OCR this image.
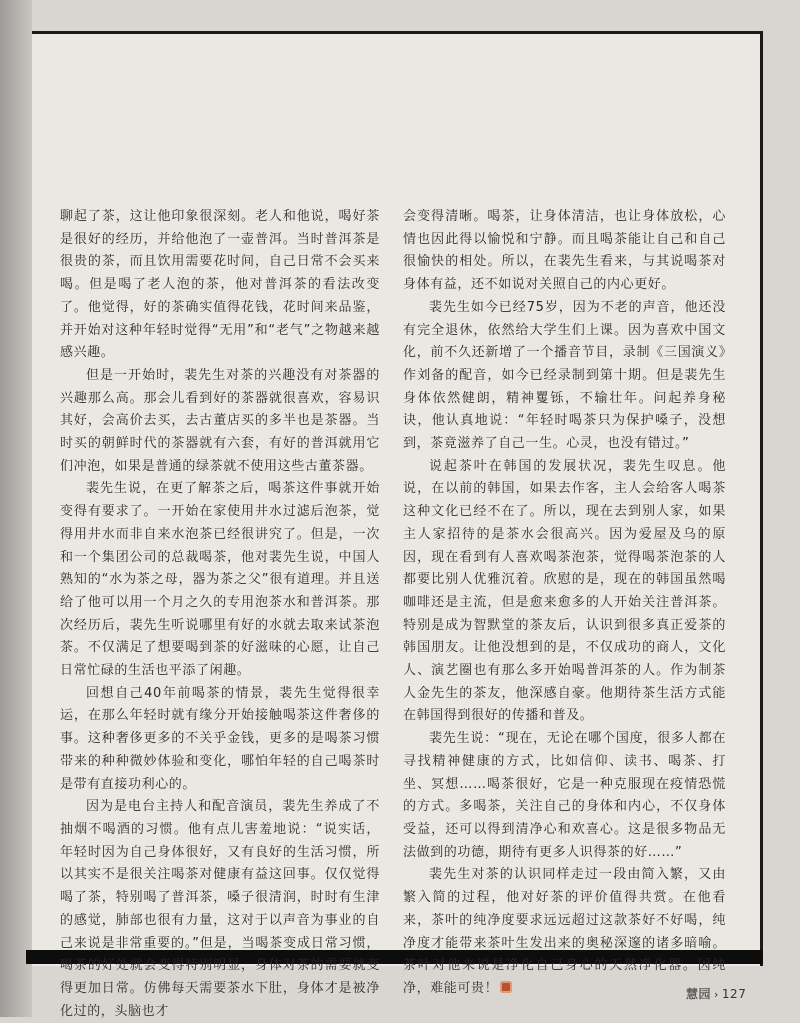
聊起了茶，这让他印象很深刻。老人和他说，喝好茶是很好的经历，并给他泡了一壶普洱。当时普洱茶是很贵的茶，而且饮用需要花时间，自己日常不会买来喝。但是喝了老人泡的茶，他对普洱茶的看法改变了。他觉得，好的茶确实值得花钱，花时间来品鉴，并开始对这种年轻时觉得“无用”和“老气”之物越来越感兴趣。

但是一开始时，裴先生对茶的兴趣没有对茶器的兴趣那么高。那会儿看到好的茶器就很喜欢，容易识其好，会高价去买，去古董店买的多半也是茶器。当时买的朝鲜时代的茶器就有六套，有好的普洱就用它们冲泡，如果是普通的绿茶就不使用这些古董茶器。

裴先生说，在更了解茶之后，喝茶这件事就开始变得有要求了。一开始在家使用井水过滤后泡茶，觉得用井水而非自来水泡茶已经很讲究了。但是，一次和一个集团公司的总裁喝茶，他对裴先生说，中国人熟知的“水为茶之母，器为茶之父”很有道理。并且送给了他可以用一个月之久的专用泡茶水和普洱茶。那次经历后，裴先生听说哪里有好的水就去取来试茶泡茶。不仅满足了想要喝到茶的好滋味的心愿，让自己日常忙碌的生活也平添了闲趣。

回想自己40年前喝茶的情景，裴先生觉得很幸运，在那么年轻时就有缘分开始接触喝茶这件奢侈的事。这种奢侈更多的不关乎金钱，更多的是喝茶习惯带来的种种微妙体验和变化，哪怕年轻的自己喝茶时是带有直接功利心的。

因为是电台主持人和配音演员，裴先生养成了不抽烟不喝酒的习惯。他有点儿害羞地说：“说实话，年轻时因为自己身体很好，又有良好的生活习惯，所以其实不是很关注喝茶对健康有益这回事。仅仅觉得喝了茶，特别喝了普洱茶，嗓子很清润，时时有生津的感觉，肺部也很有力量，这对于以声音为事业的自己来说是非常重要的。”但是，当喝茶变成日常习惯，喝茶的好处就会变得特别明显，身体对茶的需要就变得更加日常。仿佛每天需要茶水下肚，身体才是被净化过的，头脑也才

会变得清晰。喝茶，让身体清洁，也让身体放松，心情也因此得以愉悦和宁静。而且喝茶能让自己和自己很愉快的相处。所以，在裴先生看来，与其说喝茶对身体有益，还不如说对关照自己的内心更好。

裴先生如今已经75岁，因为不老的声音，他还没有完全退休，依然给大学生们上课。因为喜欢中国文化，前不久还新增了一个播音节目，录制《三国演义》作刘备的配音，如今已经录制到第十期。但是裴先生身体依然健朗，精神矍铄，不输壮年。问起养身秘诀，他认真地说：“年轻时喝茶只为保护嗓子，没想到，茶竟滋养了自己一生。心灵，也没有错过。”

说起茶叶在韩国的发展状况，裴先生叹息。他说，在以前的韩国，如果去作客，主人会给客人喝茶这种文化已经不在了。所以，现在去到别人家，如果主人家招待的是茶水会很高兴。因为爱屋及乌的原因，现在看到有人喜欢喝茶泡茶，觉得喝茶泡茶的人都要比别人优雅沉着。欣慰的是，现在的韩国虽然喝咖啡还是主流，但是愈来愈多的人开始关注普洱茶。特别是成为智默堂的茶友后，认识到很多真正爱茶的韩国朋友。让他没想到的是，不仅成功的商人，文化人、演艺圈也有那么多开始喝普洱茶的人。作为制茶人金先生的茶友，他深感自豪。他期待茶生活方式能在韩国得到很好的传播和普及。

裴先生说：“现在，无论在哪个国度，很多人都在寻找精神健康的方式，比如信仰、读书、喝茶、打坐、冥想……喝茶很好，它是一种克服现在疫情恐慌的方式。多喝茶，关注自己的身体和内心，不仅身体受益，还可以得到清净心和欢喜心。这是很多物品无法做到的功德，期待有更多人识得茶的好……”

裴先生对茶的认识同样走过一段由简入繁，又由繁入简的过程，他对好茶的评价值得共赏。在他看来，茶叶的纯净度要求远远超过这款茶好不好喝，纯净度才能带来茶叶生发出来的奥秘深邃的诸多暗喻。茶叶对他来说是净化自己身心的天然净化器。因纯净，难能可贵！	慧园 › 127
